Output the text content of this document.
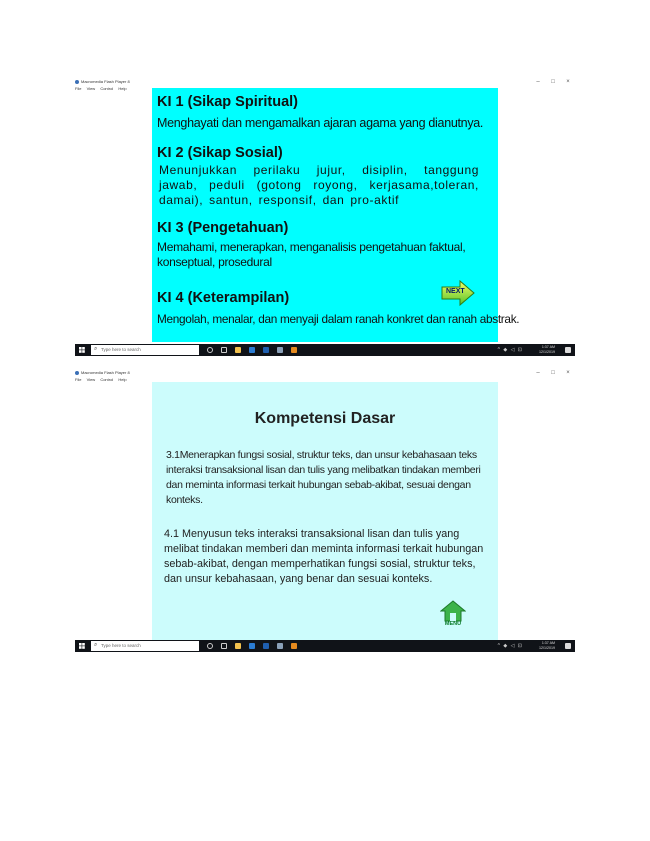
Macromedia Flash Player 8	–	□	×
File View Control Help
KI 1 (Sikap Spiritual)
Menghayati dan mengamalkan ajaran agama yang dianutnya.
KI 2 (Sikap Sosial)
Menunjukkan perilaku jujur, disiplin, tanggung jawab, peduli (gotong royong, kerjasama,toleran, damai), santun, responsif, dan pro-aktif
KI 3 (Pengetahuan)
Memahami, menerapkan, menganalisis pengetahuan faktual, konseptual, prosedural
NEXT
KI 4 (Keterampilan)
Mengolah, menalar, dan menyaji dalam ranah konkret dan ranah abstrak.
⌕ Type here to search	^ ◆ ◁ ⊡	1:37 AM
12/1/2019
Macromedia Flash Player 8	–	□	×
File View Control Help
Kompetensi Dasar
3.1Menerapkan fungsi sosial, struktur teks, dan unsur kebahasaan teks interaksi transaksional lisan dan tulis yang melibatkan tindakan memberi dan meminta informasi terkait hubungan sebab-akibat, sesuai dengan konteks.
4.1 Menyusun teks interaksi transaksional lisan dan tulis yang melibat tindakan memberi dan meminta informasi terkait hubungan sebab-akibat, dengan memperhatikan fungsi sosial, struktur teks, dan unsur kebahasaan, yang benar dan sesuai konteks.
MENU
⌕ Type here to search	^ ◆ ◁ ⊡	1:37 AM
12/1/2019
